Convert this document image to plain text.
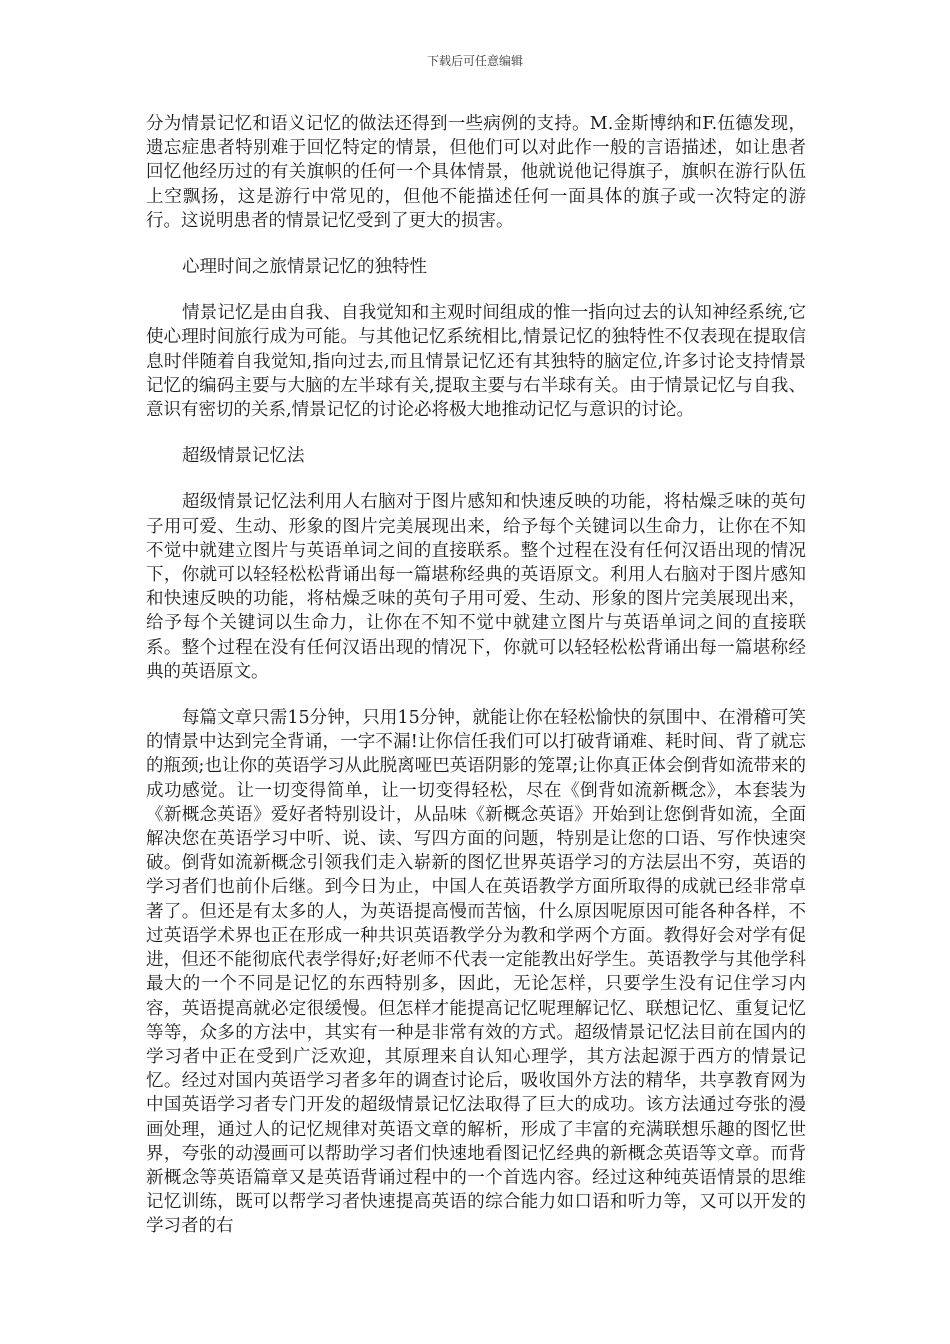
下载后可任意编辑

分为情景记忆和语义记忆的做法还得到一些病例的支持。M.金斯博纳和F.伍德发现，遗忘症患者特别难于回忆特定的情景，但他们可以对此作一般的言语描述，如让患者回忆他经历过的有关旗帜的任何一个具体情景，他就说他记得旗子，旗帜在游行队伍上空飘扬，这是游行中常见的，但他不能描述任何一面具体的旗子或一次特定的游行。这说明患者的情景记忆受到了更大的损害。

心理时间之旅情景记忆的独特性

情景记忆是由自我、自我觉知和主观时间组成的惟一指向过去的认知神经系统,它使心理时间旅行成为可能。与其他记忆系统相比,情景记忆的独特性不仅表现在提取信息时伴随着自我觉知,指向过去,而且情景记忆还有其独特的脑定位,许多讨论支持情景记忆的编码主要与大脑的左半球有关,提取主要与右半球有关。由于情景记忆与自我、意识有密切的关系,情景记忆的讨论必将极大地推动记忆与意识的讨论。

超级情景记忆法

超级情景记忆法利用人右脑对于图片感知和快速反映的功能，将枯燥乏味的英句子用可爱、生动、形象的图片完美展现出来，给予每个关键词以生命力，让你在不知不觉中就建立图片与英语单词之间的直接联系。整个过程在没有任何汉语出现的情况下，你就可以轻轻松松背诵出每一篇堪称经典的英语原文。利用人右脑对于图片感知和快速反映的功能，将枯燥乏味的英句子用可爱、生动、形象的图片完美展现出来，给予每个关键词以生命力，让你在不知不觉中就建立图片与英语单词之间的直接联系。整个过程在没有任何汉语出现的情况下，你就可以轻轻松松背诵出每一篇堪称经典的英语原文。

每篇文章只需15分钟，只用15分钟，就能让你在轻松愉快的氛围中、在滑稽可笑的情景中达到完全背诵，一字不漏!让你信任我们可以打破背诵难、耗时间、背了就忘的瓶颈;也让你的英语学习从此脱离哑巴英语阴影的笼罩;让你真正体会倒背如流带来的成功感觉。让一切变得简单，让一切变得轻松，尽在《倒背如流新概念》，本套装为《新概念英语》爱好者特别设计，从品味《新概念英语》开始到让您倒背如流，全面解决您在英语学习中听、说、读、写四方面的问题，特别是让您的口语、写作快速突破。倒背如流新概念引领我们走入崭新的图忆世界英语学习的方法层出不穷，英语的学习者们也前仆后继。到今日为止，中国人在英语教学方面所取得的成就已经非常卓著了。但还是有太多的人，为英语提高慢而苦恼，什么原因呢原因可能各种各样，不过英语学术界也正在形成一种共识英语教学分为教和学两个方面。教得好会对学有促进，但还不能彻底代表学得好;好老师不代表一定能教出好学生。英语教学与其他学科最大的一个不同是记忆的东西特别多，因此，无论怎样，只要学生没有记住学习内容，英语提高就必定很缓慢。但怎样才能提高记忆呢理解记忆、联想记忆、重复记忆等等，众多的方法中，其实有一种是非常有效的方式。超级情景记忆法目前在国内的学习者中正在受到广泛欢迎，其原理来自认知心理学，其方法起源于西方的情景记忆。经过对国内英语学习者多年的调查讨论后，吸收国外方法的精华，共享教育网为中国英语学习者专门开发的超级情景记忆法取得了巨大的成功。该方法通过夸张的漫画处理，通过人的记忆规律对英语文章的解析，形成了丰富的充满联想乐趣的图忆世界，夸张的动漫画可以帮助学习者们快速地看图记忆经典的新概念英语等文章。而背新概念等英语篇章又是英语背诵过程中的一个首选内容。经过这种纯英语情景的思维记忆训练，既可以帮学习者快速提高英语的综合能力如口语和听力等，又可以开发的学习者的右
